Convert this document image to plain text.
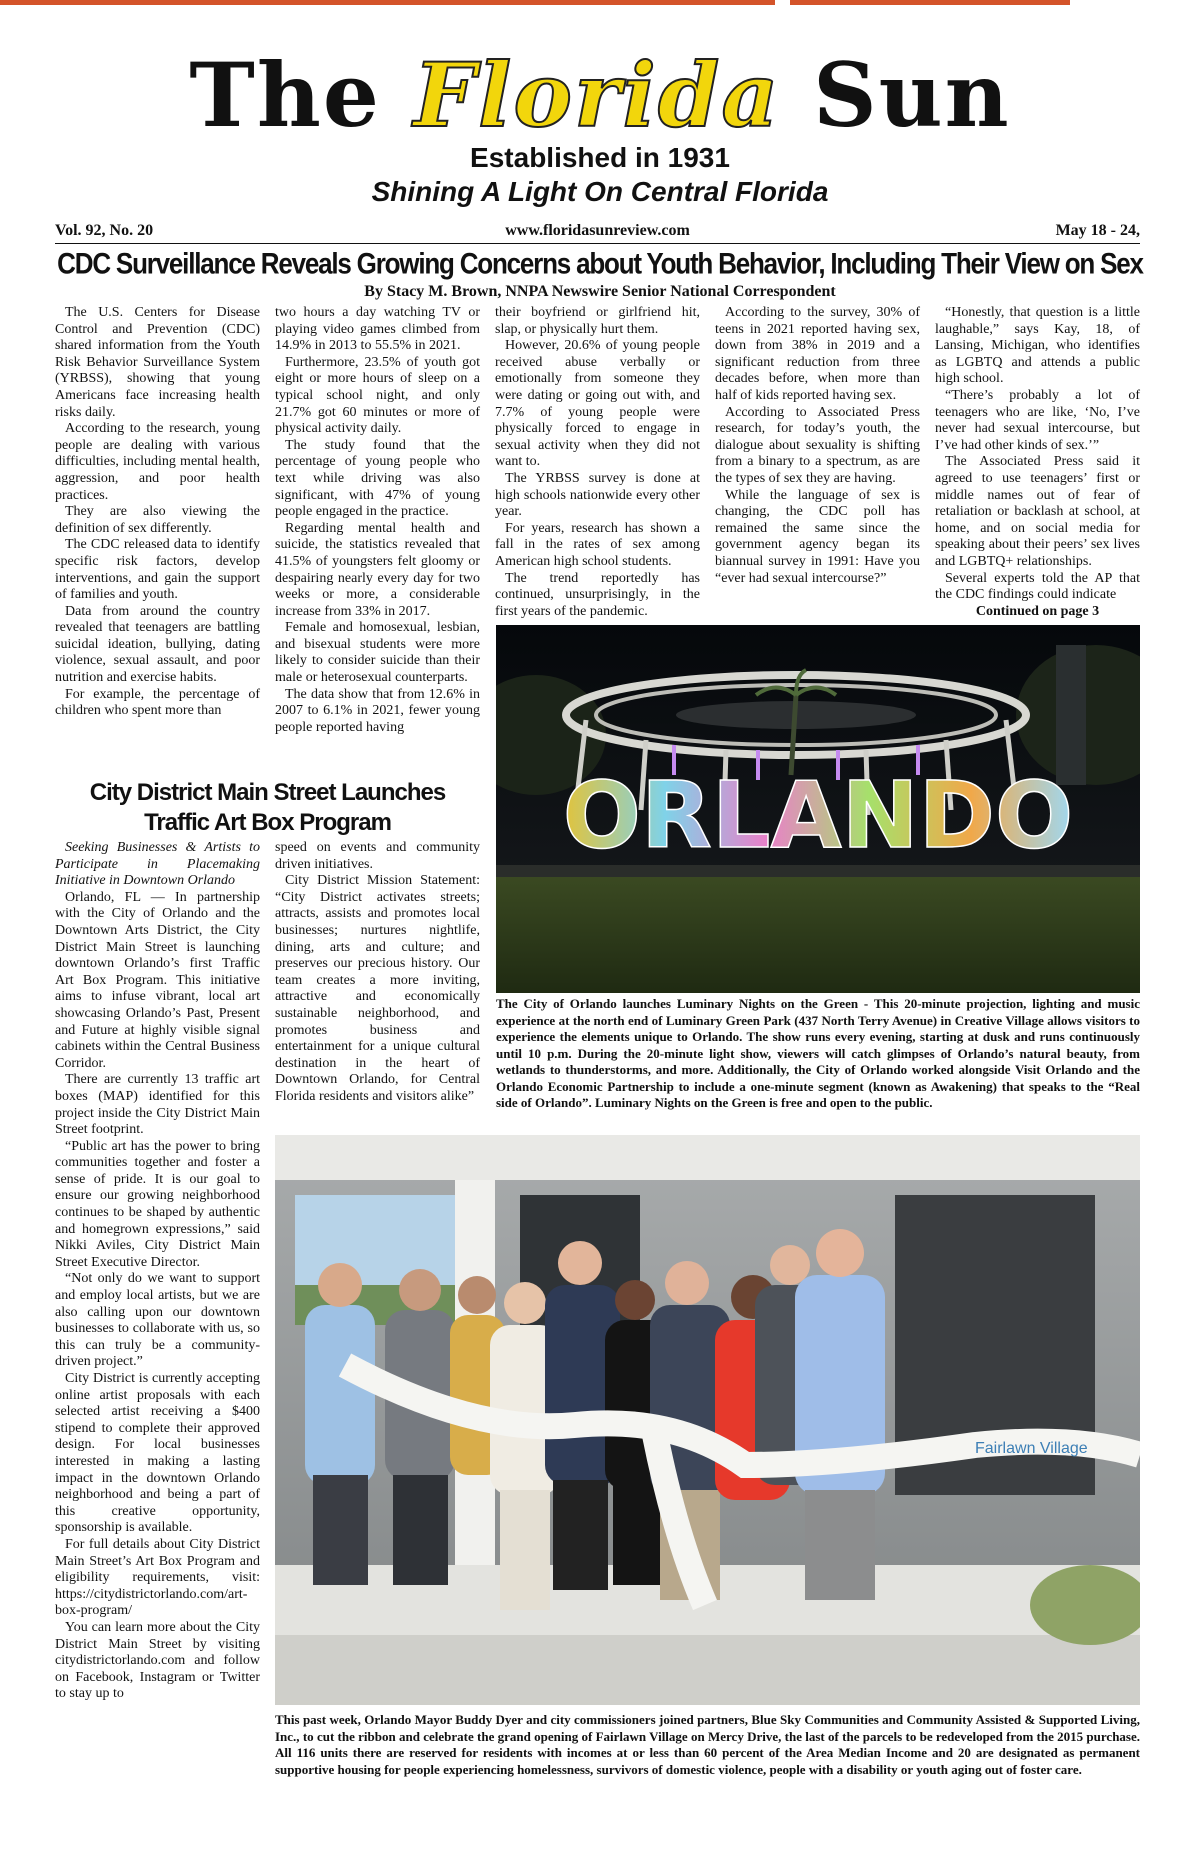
The Florida Sun
Established in 1931
Shining A Light On Central Florida
Vol. 92, No. 20	www.floridasunreview.com	May 18 - 24,
CDC Surveillance Reveals Growing Concerns about Youth Behavior, Including Their View on Sex
By Stacy M. Brown, NNPA Newswire Senior National Correspondent

The U.S. Centers for Disease Control and Prevention (CDC) shared information from the Youth Risk Behavior Surveillance System (YRBSS), showing that young Americans face increasing health risks daily.

According to the research, young people are dealing with various difficulties, including mental health, aggression, and poor health practices.

They are also viewing the definition of sex differently.

The CDC released data to identify specific risk factors, develop interventions, and gain the support of families and youth.

Data from around the country revealed that teenagers are battling suicidal ideation, bullying, dating violence, sexual assault, and poor nutrition and exercise habits.

For example, the percentage of children who spent more than

two hours a day watching TV or playing video games climbed from 14.9% in 2013 to 55.5% in 2021.

Furthermore, 23.5% of youth got eight or more hours of sleep on a typical school night, and only 21.7% got 60 minutes or more of physical activity daily.

The study found that the percentage of young people who text while driving was also significant, with 47% of young people engaged in the practice.

Regarding mental health and suicide, the statistics revealed that 41.5% of youngsters felt gloomy or despairing nearly every day for two weeks or more, a considerable increase from 33% in 2017.

Female and homosexual, lesbian, and bisexual students were more likely to consider suicide than their male or heterosexual counterparts.

The data show that from 12.6% in 2007 to 6.1% in 2021, fewer young people reported having

their boyfriend or girlfriend hit, slap, or physically hurt them.

However, 20.6% of young people received abuse verbally or emotionally from someone they were dating or going out with, and 7.7% of young people were physically forced to engage in sexual activity when they did not want to.

The YRBSS survey is done at high schools nationwide every other year.

For years, research has shown a fall in the rates of sex among American high school students.

The trend reportedly has continued, unsurprisingly, in the first years of the pandemic.

According to the survey, 30% of teens in 2021 reported having sex, down from 38% in 2019 and a significant reduction from three decades before, when more than half of kids reported having sex.

According to Associated Press research, for today’s youth, the dialogue about sexuality is shifting from a binary to a spectrum, as are the types of sex they are having.

While the language of sex is changing, the CDC poll has remained the same since the government agency began its biannual survey in 1991: Have you “ever had sexual intercourse?”

“Honestly, that question is a little laughable,” says Kay, 18, of Lansing, Michigan, who identifies as LGBTQ and attends a public high school.

“There’s probably a lot of teenagers who are like, ‘No, I’ve never had sexual intercourse, but I’ve had other kinds of sex.’”

The Associated Press said it agreed to use teenagers’ first or middle names out of fear of retaliation or backlash at school, at home, and on social media for speaking about their peers’ sex lives and LGBTQ+ relationships.

Several experts told the AP that the CDC findings could indicate

Continued on page 3

ORLANDO
The City of Orlando launches Luminary Nights on the Green - This 20-minute projection, lighting and music experience at the north end of Luminary Green Park (437 North Terry Avenue) in Creative Village allows visitors to experience the elements unique to Orlando. The show runs every evening, starting at dusk and runs continuously until 10 p.m. During the 20-minute light show, viewers will catch glimpses of Orlando’s natural beauty, from wetlands to thunderstorms, and more. Additionally, the City of Orlando worked alongside Visit Orlando and the Orlando Economic Partnership to include a one-minute segment (known as Awakening) that speaks to the “Real side of Orlando”. Luminary Nights on the Green is free and open to the public.
City District Main Street Launches
Traffic Art Box Program

Seeking Businesses & Artists to Participate in Placemaking Initiative in Downtown Orlando

Orlando, FL — In partnership with the City of Orlando and the Downtown Arts District, the City District Main Street is launching downtown Orlando’s first Traffic Art Box Program. This initiative aims to infuse vibrant, local art showcasing Orlando’s Past, Present and Future at highly visible signal cabinets within the Central Business Corridor.

There are currently 13 traffic art boxes (MAP) identified for this project inside the City District Main Street footprint.

“Public art has the power to bring communities together and foster a sense of pride. It is our goal to ensure our growing neighborhood continues to be shaped by authentic and homegrown expressions,” said Nikki Aviles, City District Main Street Executive Director.

“Not only do we want to support and employ local artists, but we are also calling upon our downtown businesses to collaborate with us, so this can truly be a community-driven project.”

City District is currently accepting online artist proposals with each selected artist receiving a $400 stipend to complete their approved design. For local businesses interested in making a lasting impact in the downtown Orlando neighborhood and being a part of this creative opportunity, sponsorship is available.

For full details about City District Main Street’s Art Box Program and eligibility requirements, visit: https://citydistrictorlando.com/art-box-program/

You can learn more about the City District Main Street by visiting citydistrictorlando.com and follow on Facebook, Instagram or Twitter to stay up to

speed on events and community driven initiatives.

City District Mission Statement: “City District activates streets; attracts, assists and promotes local businesses; nurtures nightlife, dining, arts and culture; and preserves our precious history. Our team creates a more inviting, attractive and economically sustainable neighborhood, and promotes business and entertainment for a unique cultural destination in the heart of Downtown Orlando, for Central Florida residents and visitors alike”

Fairlawn Village
This past week, Orlando Mayor Buddy Dyer and city commissioners joined partners, Blue Sky Communities and Community Assisted & Supported Living, Inc., to cut the ribbon and celebrate the grand opening of Fairlawn Village on Mercy Drive, the last of the parcels to be redeveloped from the 2015 purchase. All 116 units there are reserved for residents with incomes at or less than 60 percent of the Area Median Income and 20 are designated as permanent supportive housing for people experiencing homelessness, survivors of domestic violence, people with a disability or youth aging out of foster care.
